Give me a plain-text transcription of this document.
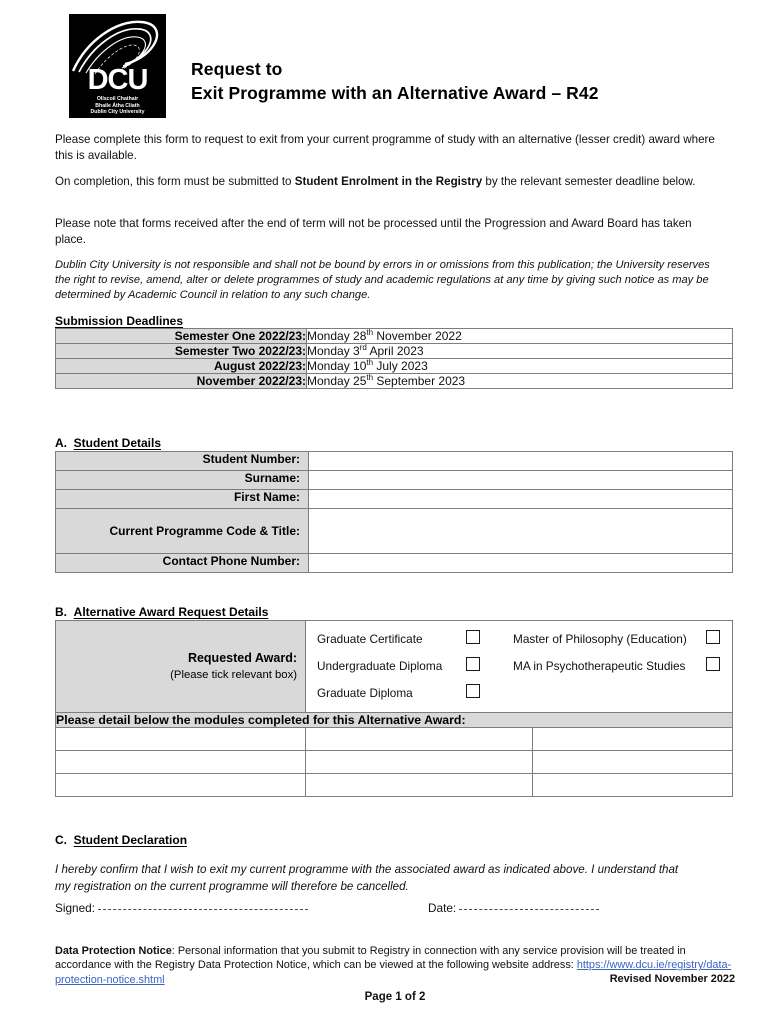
DCU
Ollscoil Chathair
Bhaile Átha Cliath
Dublin City University
Request to
Exit Programme with an Alternative Award – R42

Please complete this form to request to exit from your current programme of study with an alternative (lesser credit) award where this is available.

On completion, this form must be submitted to Student Enrolment in the Registry by the relevant semester deadline below.

Please note that forms received after the end of term will not be processed until the Progression and Award Board has taken place.

Dublin City University is not responsible and shall not be bound by errors in or omissions from this publication; the University reserves the right to revise, amend, alter or delete programmes of study and academic regulations at any time by giving such notice as may be determined by Academic Council in relation to any such change.

Submission Deadlines
Semester One 2022/23:	Monday 28th November 2022
Semester Two 2022/23:	Monday 3rd April 2023
August 2022/23:	Monday 10th July 2023
November 2022/23:	Monday 25th September 2023
A. Student Details
Student Number:	
Surname:	
First Name:	
Current Programme Code & Title:	
Contact Phone Number:	
B. Alternative Award Request Details
Requested Award:
(Please tick relevant box)

Graduate Certificate
Undergraduate Diploma
Graduate Diploma
Master of Philosophy (Education)
MA in Psychotherapeutic Studies

Please detail below the modules completed for this Alternative Award:		

C. Student Declaration
I hereby confirm that I wish to exit my current programme with the associated award as indicated above. I understand that my registration on the current programme will therefore be cancelled.
Signed:	Date:
Data Protection Notice: Personal information that you submit to Registry in connection with any service provision will be treated in accordance with the Registry Data Protection Notice, which can be viewed at the following website address: https://www.dcu.ie/registry/data-protection-notice.shtml	Revised November 2022
Page 1 of 2
